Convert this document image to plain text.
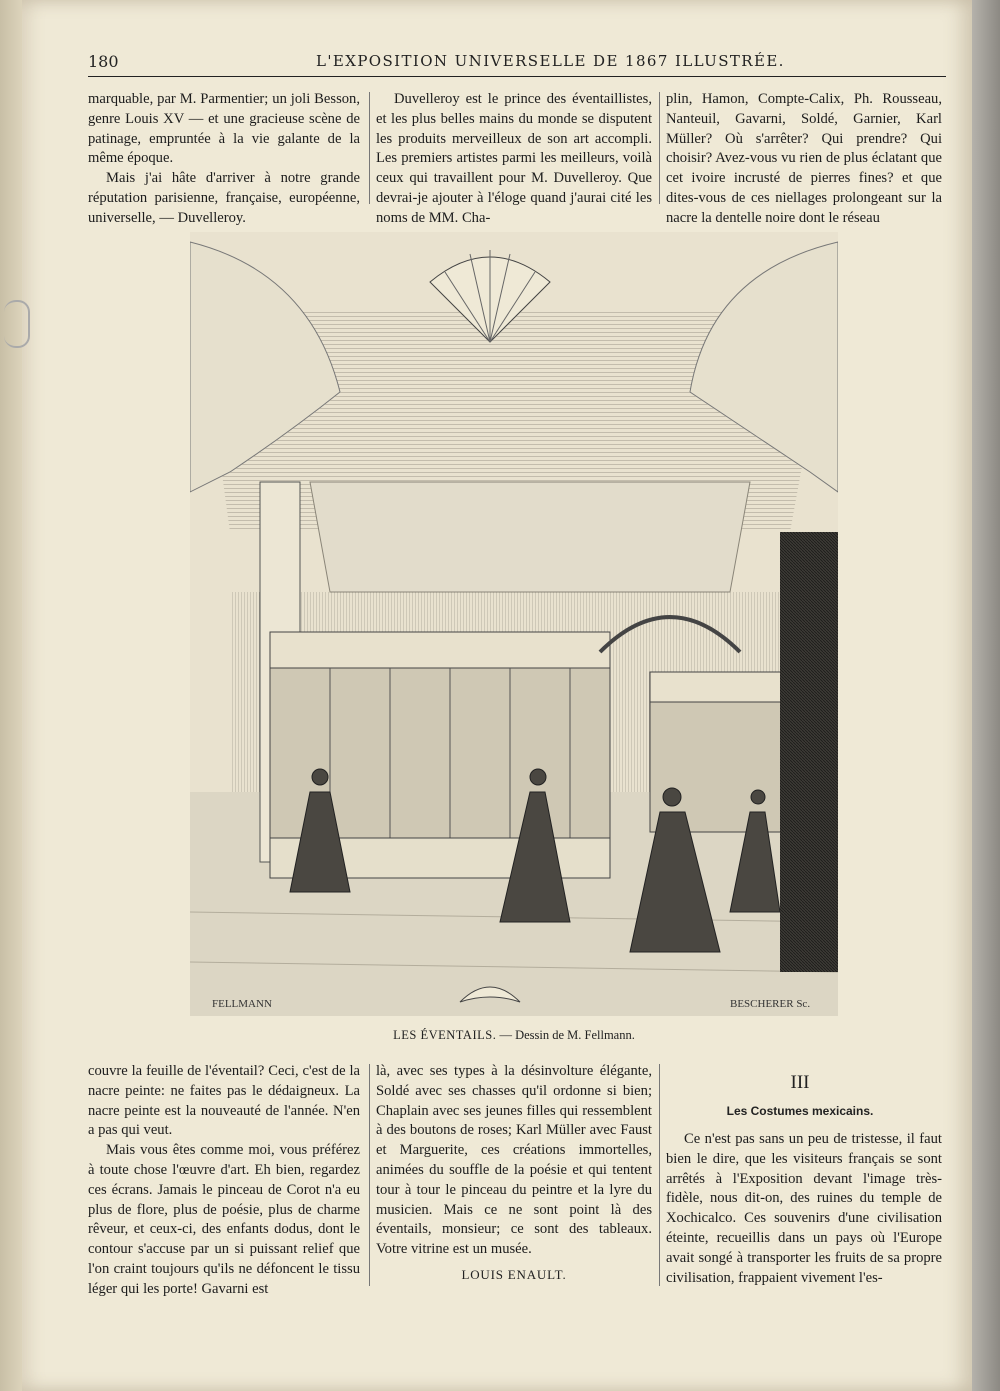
180	L'EXPOSITION UNIVERSELLE DE 1867 ILLUSTRÉE.

marquable, par M. Parmentier; un joli Besson, genre Louis XV — et une gracieuse scène de patinage, empruntée à la vie galante de la même époque.

Mais j'ai hâte d'arriver à notre grande réputation parisienne, française, européenne, universelle, — Duvelleroy.

Duvelleroy est le prince des éventaillistes, et les plus belles mains du monde se disputent les produits merveilleux de son art accompli. Les premiers artistes parmi les meilleurs, voilà ceux qui travaillent pour M. Duvelleroy. Que devrai-je ajouter à l'éloge quand j'aurai cité les noms de MM. Cha-

plin, Hamon, Compte-Calix, Ph. Rousseau, Nanteuil, Gavarni, Soldé, Garnier, Karl Müller? Où s'arrêter? Qui prendre? Qui choisir? Avez-vous vu rien de plus éclatant que cet ivoire incrusté de pierres fines? et que dites-vous de ces niellages prolongeant sur la nacre la dentelle noire dont le réseau

FELLMANN	BESCHERER Sc.
LES ÉVENTAILS. — Dessin de M. Fellmann.

couvre la feuille de l'éventail? Ceci, c'est de la nacre peinte: ne faites pas le dédaigneux. La nacre peinte est la nouveauté de l'année. N'en a pas qui veut.

Mais vous êtes comme moi, vous préférez à toute chose l'œuvre d'art. Eh bien, regardez ces écrans. Jamais le pinceau de Corot n'a eu plus de flore, plus de poésie, plus de charme rêveur, et ceux-ci, des enfants dodus, dont le contour s'accuse par un si puissant relief que l'on craint toujours qu'ils ne défoncent le tissu léger qui les porte! Gavarni est

là, avec ses types à la désinvolture élégante, Soldé avec ses chasses qu'il ordonne si bien; Chaplain avec ses jeunes filles qui ressemblent à des boutons de roses; Karl Müller avec Faust et Marguerite, ces créations immortelles, animées du souffle de la poésie et qui tentent tour à tour le pinceau du peintre et la lyre du musicien. Mais ce ne sont point là des éventails, monsieur; ce sont des tableaux. Votre vitrine est un musée.

LOUIS ENAULT.
III
Les Costumes mexicains.

Ce n'est pas sans un peu de tristesse, il faut bien le dire, que les visiteurs français se sont arrêtés à l'Exposition devant l'image très-fidèle, nous dit-on, des ruines du temple de Xochicalco. Ces souvenirs d'une civilisation éteinte, recueillis dans un pays où l'Europe avait songé à transporter les fruits de sa propre civilisation, frappaient vivement l'es-
